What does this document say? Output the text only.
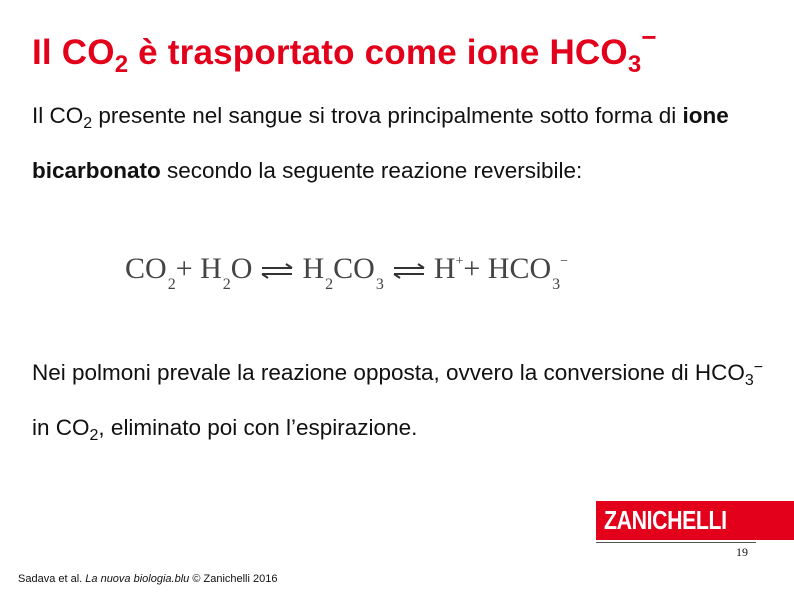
Il $CO_2$ è trasportato come ione $HCO_3^-$
Il $CO_2$ presente nel sangue si trova principalmente sotto forma di ione bicarbonato secondo la seguente reazione reversibile:
$CO_2+ H_2O$ ⇌ $H_2CO_3$ ⇌ $H^++ HCO_3^-$
Nei polmoni prevale la reazione opposta, ovvero la conversione di $HCO_3^-$ in $CO_2$, eliminato poi con l’espirazione.
ZANICHELLI
19
Sadava et al. La nuova biologia.blu © Zanichelli 2016
